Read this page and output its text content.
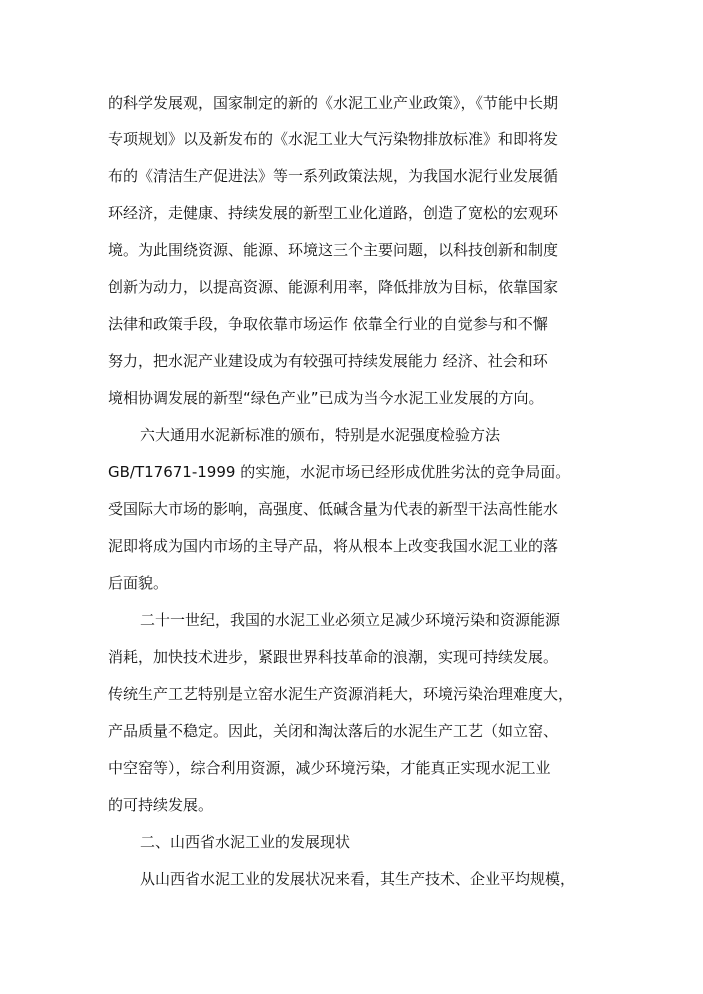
的科学发展观，国家制定的新的《水泥工业产业政策》，《节能中长期

专项规划》以及新发布的《水泥工业大气污染物排放标准》和即将发

布的《清洁生产促进法》等一系列政策法规，为我国水泥行业发展循

环经济，走健康、持续发展的新型工业化道路，创造了宽松的宏观环

境。为此围绕资源、能源、环境这三个主要问题，以科技创新和制度

创新为动力，以提高资源、能源利用率，降低排放为目标，依靠国家

法律和政策手段，争取依靠市场运作 依靠全行业的自觉参与和不懈

努力，把水泥产业建设成为有较强可持续发展能力 经济、社会和环

境相协调发展的新型“绿色产业”已成为当今水泥工业发展的方向。

六大通用水泥新标准的颁布，特别是水泥强度检验方法

GB/T17671-1999 的实施，水泥市场已经形成优胜劣汰的竞争局面。

受国际大市场的影响，高强度、低碱含量为代表的新型干法高性能水

泥即将成为国内市场的主导产品，将从根本上改变我国水泥工业的落

后面貌。

二十一世纪，我国的水泥工业必须立足减少环境污染和资源能源

消耗，加快技术进步，紧跟世界科技革命的浪潮，实现可持续发展。

传统生产工艺特别是立窑水泥生产资源消耗大，环境污染治理难度大，

产品质量不稳定。因此，关闭和淘汰落后的水泥生产工艺（如立窑、

中空窑等），综合利用资源，减少环境污染，才能真正实现水泥工业

的可持续发展。

二、山西省水泥工业的发展现状

从山西省水泥工业的发展状况来看，其生产技术、企业平均规模，
